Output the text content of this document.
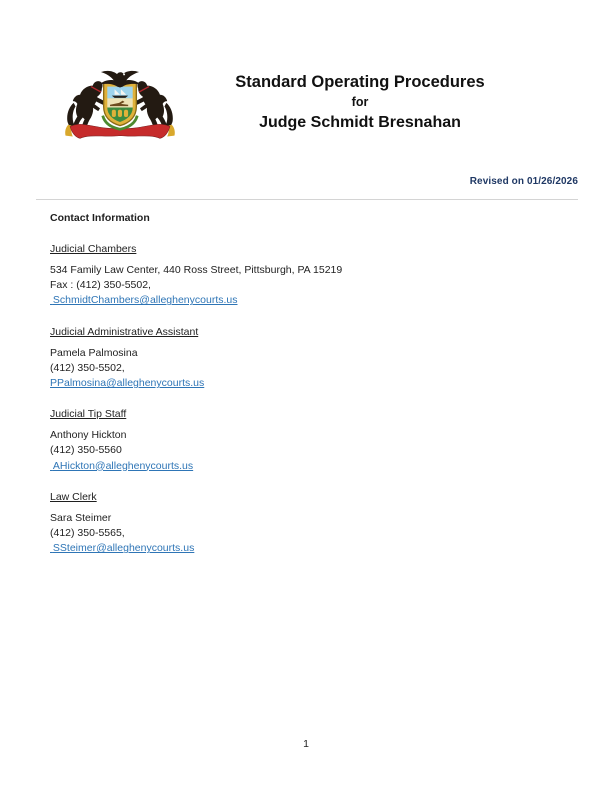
Standard Operating Procedures
for
Judge Schmidt Bresnahan
Revised on 01/26/2026
Contact Information
Judicial Chambers
534 Family Law Center, 440 Ross Street, Pittsburgh, PA 15219
Fax : (412) 350-5502,
SchmidtChambers@alleghenycourts.us
Judicial Administrative Assistant
Pamela Palmosina
(412) 350-5502,
PPalmosina@alleghenycourts.us
Judicial Tip Staff
Anthony Hickton
(412) 350-5560
AHickton@alleghenycourts.us
Law Clerk
Sara Steimer
(412) 350-5565,
SSteimer@alleghenycourts.us
1
